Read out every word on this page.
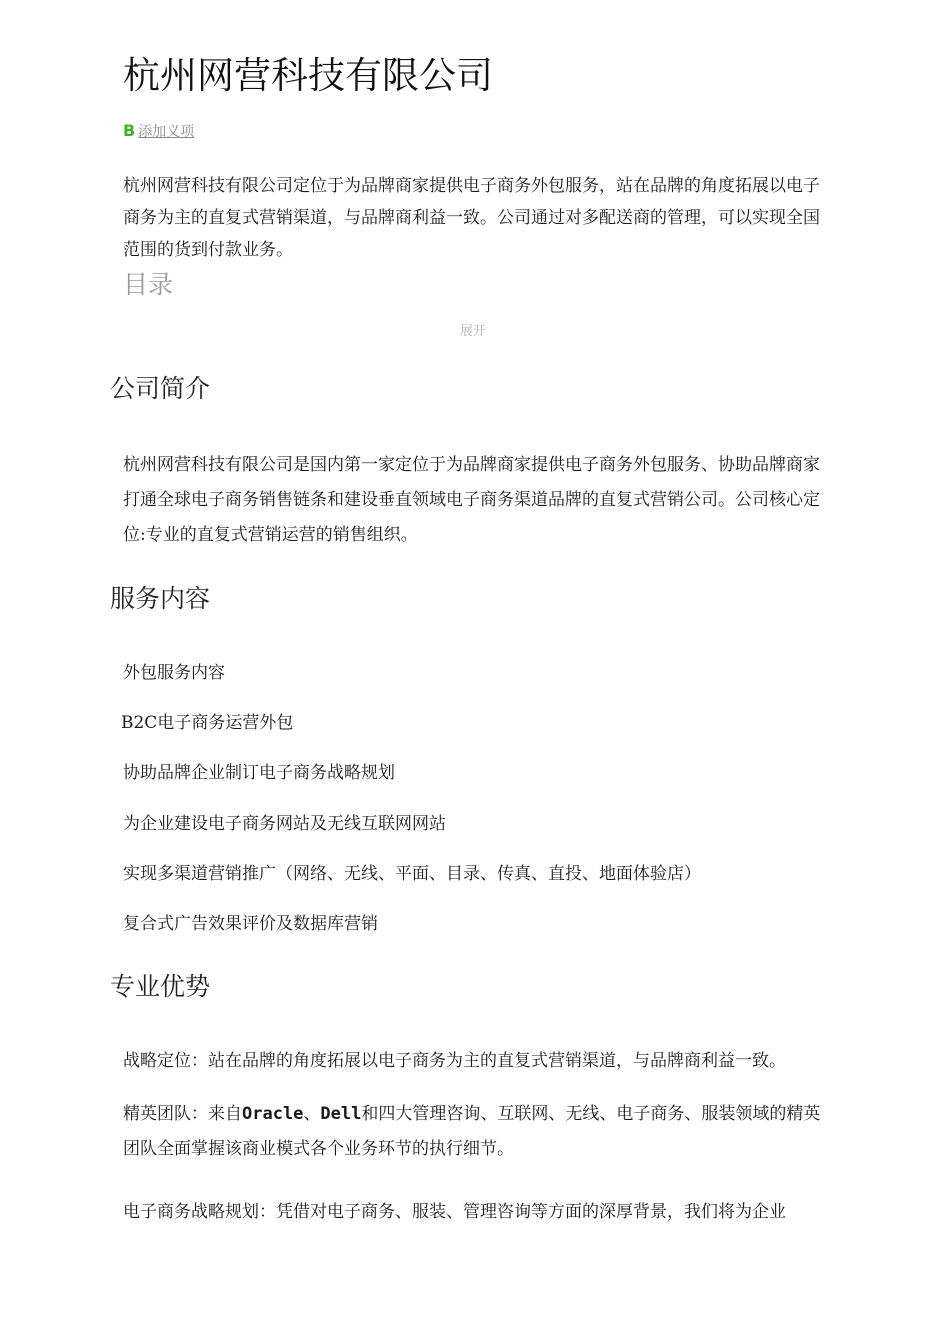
杭州网营科技有限公司
B 添加义项

杭州网营科技有限公司定位于为品牌商家提供电子商务外包服务，站在品牌的角度拓展以电子商务为主的直复式营销渠道，与品牌商利益一致。公司通过对多配送商的管理，可以实现全国范围的货到付款业务。

目录
展开
公司简介

杭州网营科技有限公司是国内第一家定位于为品牌商家提供电子商务外包服务、协助品牌商家打通全球电子商务销售链条和建设垂直领域电子商务渠道品牌的直复式营销公司。公司核心定位:专业的直复式营销运营的销售组织。

服务内容

外包服务内容

B2C电子商务运营外包

协助品牌企业制订电子商务战略规划

为企业建设电子商务网站及无线互联网网站

实现多渠道营销推广（网络、无线、平面、目录、传真、直投、地面体验店）

复合式广告效果评价及数据库营销

专业优势

战略定位：站在品牌的角度拓展以电子商务为主的直复式营销渠道，与品牌商利益一致。

精英团队：来自Oracle、Dell和四大管理咨询、互联网、无线、电子商务、服装领域的精英团队全面掌握该商业模式各个业务环节的执行细节。

电子商务战略规划：凭借对电子商务、服装、管理咨询等方面的深厚背景，我们将为企业
